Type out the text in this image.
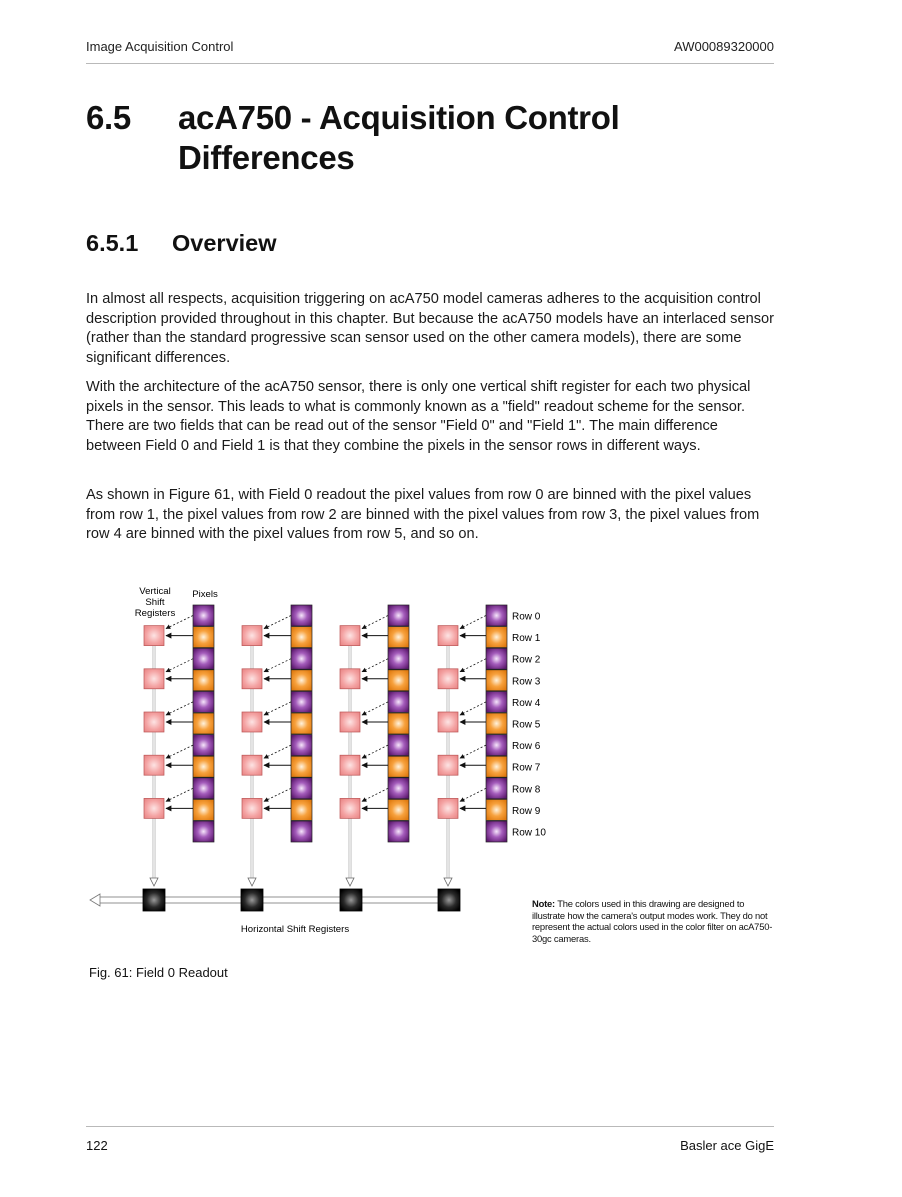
Image Acquisition Control	AW00089320000
6.5 acA750 - Acquisition Control
Differences
6.5.1 Overview

In almost all respects, acquisition triggering on acA750 model cameras adheres to the acquisition control description provided throughout in this chapter. But because the acA750 models have an interlaced sensor (rather than the standard progressive scan sensor used on the other camera models), there are some significant differences.

With the architecture of the acA750 sensor, there is only one vertical shift register for each two physical pixels in the sensor. This leads to what is commonly known as a "field" readout scheme for the sensor. There are two fields that can be read out of the sensor "Field 0" and "Field 1". The main difference between Field 0 and Field 1 is that they combine the pixels in the sensor rows in different ways.

As shown in Figure 61, with Field 0 readout the pixel values from row 0 are binned with the pixel values from row 1, the pixel values from row 2 are binned with the pixel values from row 3, the pixel values from row 4 are binned with the pixel values from row 5, and so on.

Row 0
Row 1
Row 2
Row 3
Row 4
Row 5
Row 6
Row 7
Row 8
Row 9
Row 10
Vertical
Shift
Registers
Pixels
Horizontal Shift Registers
Note: The colors used in this drawing are designed to illustrate how the camera's output modes work. They do not represent the actual colors used in the color filter on acA750-30gc cameras.
Fig. 61: Field 0 Readout
122	Basler ace GigE
